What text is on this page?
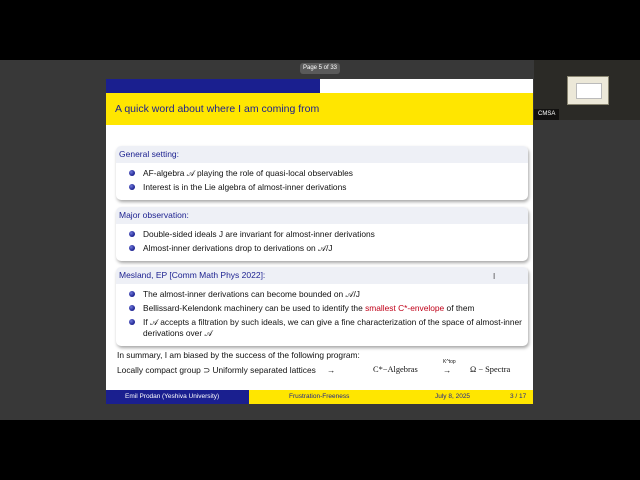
Page 5 of 33
CMSA
A quick word about where I am coming from
General setting:
AF-algebra 𝒜 playing the role of quasi-local observables
Interest is in the Lie algebra of almost-inner derivations
Major observation:
Double-sided ideals J are invariant for almost-inner derivations
Almost-inner derivations drop to derivations on 𝒜/J
Mesland, EP [Comm Math Phys 2022]:
The almost-inner derivations can become bounded on 𝒜/J
Bellissard-Kelendonk machinery can be used to identify the smallest C*-envelope of them
If 𝒜 accepts a filtration by such ideals, we can give a fine characterization of the space of almost-inner derivations over 𝒜
I
In summary, I am biased by the success of the following program:
Locally compact group ⊃ Uniformly separated lattices →	C*−Algebras
K^top
→ Ω − Spectra
Emil Prodan (Yeshiva University)	Frustration-Freeness	July 8, 2025	3 / 17
